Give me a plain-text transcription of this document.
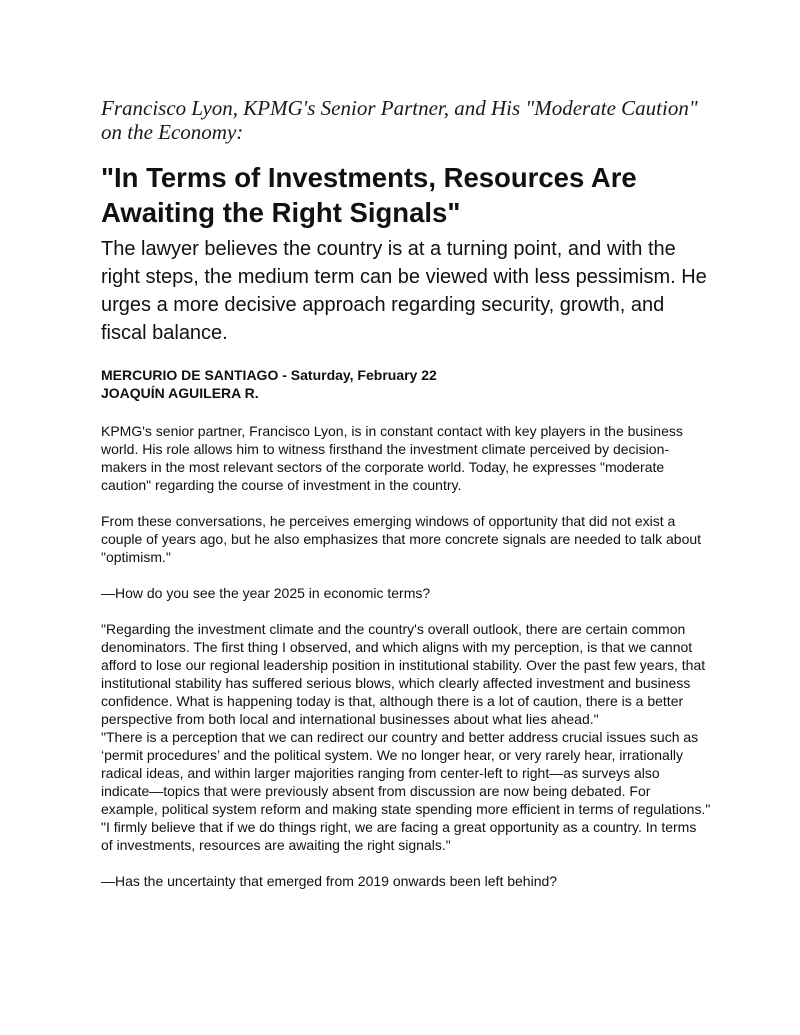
Francisco Lyon, KPMG's Senior Partner, and His "Moderate Caution" on the Economy:

"In Terms of Investments, Resources Are Awaiting the Right Signals"

The lawyer believes the country is at a turning point, and with the right steps, the medium term can be viewed with less pessimism. He urges a more decisive approach regarding security, growth, and fiscal balance.

MERCURIO DE SANTIAGO - Saturday, February 22
JOAQUÍN AGUILERA R.

KPMG's senior partner, Francisco Lyon, is in constant contact with key players in the business world. His role allows him to witness firsthand the investment climate perceived by decision-makers in the most relevant sectors of the corporate world. Today, he expresses "moderate caution" regarding the course of investment in the country.

From these conversations, he perceives emerging windows of opportunity that did not exist a couple of years ago, but he also emphasizes that more concrete signals are needed to talk about "optimism."

—How do you see the year 2025 in economic terms?

"Regarding the investment climate and the country's overall outlook, there are certain common denominators. The first thing I observed, and which aligns with my perception, is that we cannot afford to lose our regional leadership position in institutional stability. Over the past few years, that institutional stability has suffered serious blows, which clearly affected investment and business confidence. What is happening today is that, although there is a lot of caution, there is a better perspective from both local and international businesses about what lies ahead."

"There is a perception that we can redirect our country and better address crucial issues such as ‘permit procedures’ and the political system. We no longer hear, or very rarely hear, irrationally radical ideas, and within larger majorities ranging from center-left to right—as surveys also indicate—topics that were previously absent from discussion are now being debated. For example, political system reform and making state spending more efficient in terms of regulations."

"I firmly believe that if we do things right, we are facing a great opportunity as a country. In terms of investments, resources are awaiting the right signals."

—Has the uncertainty that emerged from 2019 onwards been left behind?
